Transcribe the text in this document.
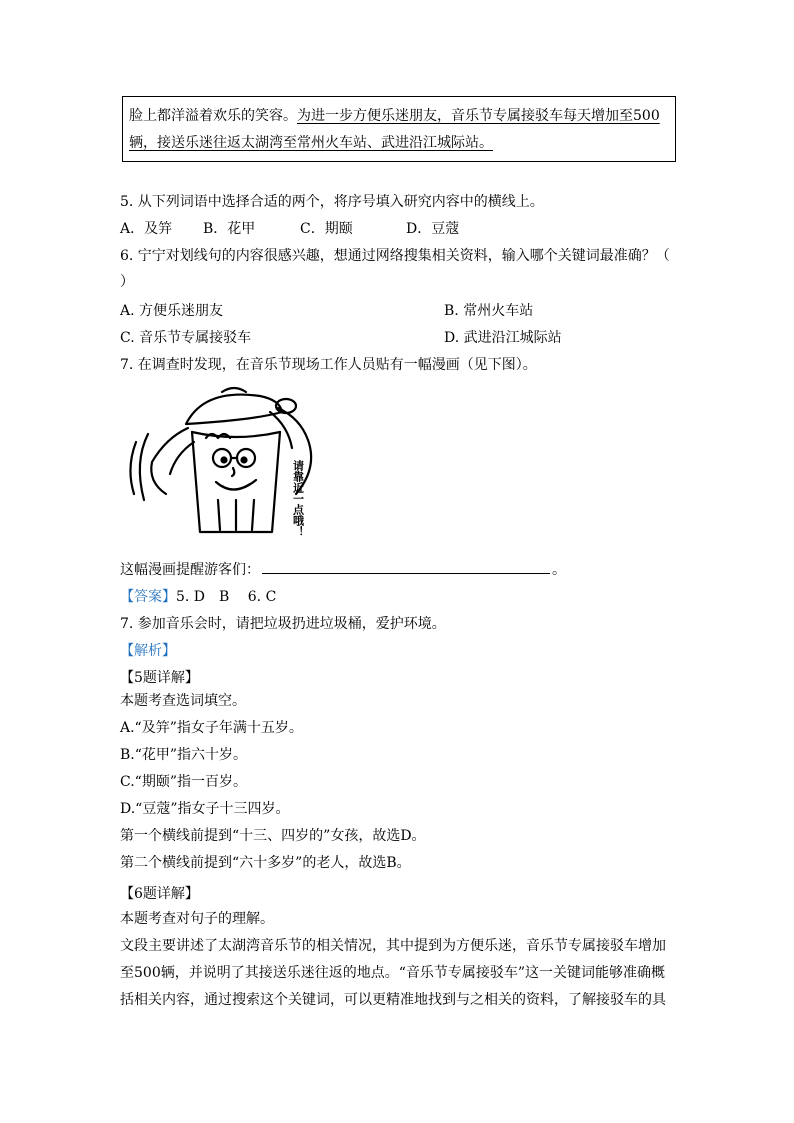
脸上都洋溢着欢乐的笑容。为进一步方便乐迷朋友，音乐节专属接驳车每天增加至500
辆，接送乐迷往返太湖湾至常州火车站、武进沿江城际站。
5. 从下列词语中选择合适的两个，将序号填入研究内容中的横线上。
A．及笄 B．花甲	C．期颐	D．豆蔻
6. 宁宁对划线句的内容很感兴趣，想通过网络搜集相关资料，输入哪个关键词最准确？（
）
A. 方便乐迷朋友	B. 常州火车站
C. 音乐节专属接驳车	D. 武进沿江城际站
7. 在调查时发现，在音乐节现场工作人员贴有一幅漫画（见下图）。
请靠近一点哦！
这幅漫画提醒游客们：	。
【答案】5. D　B　 6. C
7. 参加音乐会时，请把垃圾扔进垃圾桶，爱护环境。
【解析】
【5题详解】
本题考查选词填空。
A.“及笄”指女子年满十五岁。
B.“花甲”指六十岁。
C.“期颐”指一百岁。
D.“豆蔻”指女子十三四岁。
第一个横线前提到“十三、四岁的”女孩，故选D。
第二个横线前提到“六十多岁”的老人，故选B。
【6题详解】
本题考查对句子的理解。
文段主要讲述了太湖湾音乐节的相关情况，其中提到为方便乐迷，音乐节专属接驳车增加
至500辆，并说明了其接送乐迷往返的地点。“音乐节专属接驳车”这一关键词能够准确概
括相关内容，通过搜索这个关键词，可以更精准地找到与之相关的资料，了解接驳车的具
